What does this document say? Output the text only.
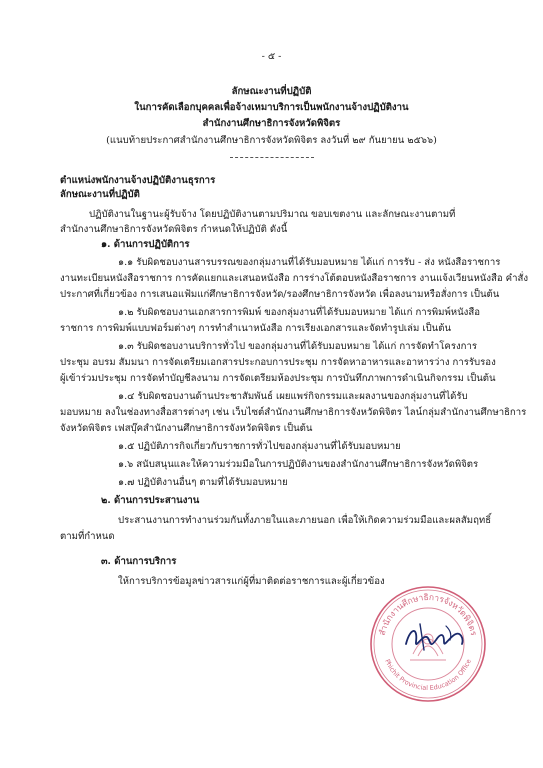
- ๕ -
ลักษณะงานที่ปฏิบัติ
ในการคัดเลือกบุคคลเพื่อจ้างเหมาบริการเป็นพนักงานจ้างปฏิบัติงาน
สำนักงานศึกษาธิการจังหวัดพิจิตร
(แนบท้ายประกาศสำนักงานศึกษาธิการจังหวัดพิจิตร ลงวันที่ ๒๙ กันยายน ๒๕๖๖)
ตำแหน่งพนักงานจ้างปฏิบัติงานธุรการ
ลักษณะงานที่ปฏิบัติ
ปฏิบัติงานในฐานะผู้รับจ้าง โดยปฏิบัติงานตามปริมาณ ขอบเขตงาน และลักษณะงานตามที่
สำนักงานศึกษาธิการจังหวัดพิจิตร กำหนดให้ปฏิบัติ ดังนี้
๑. ด้านการปฏิบัติการ
๑.๑ รับผิดชอบงานสารบรรณของกลุ่มงานที่ได้รับมอบหมาย ได้แก่ การรับ - ส่ง หนังสือราชการ
งานทะเบียนหนังสือราชการ การคัดแยกและเสนอหนังสือ การร่างโต้ตอบหนังสือราชการ งานแจ้งเวียนหนังสือ คำสั่ง
ประกาศที่เกี่ยวข้อง การเสนอแฟ้มแก่ศึกษาธิการจังหวัด/รองศึกษาธิการจังหวัด เพื่อลงนามหรือสั่งการ เป็นต้น
๑.๒ รับผิดชอบงานเอกสารการพิมพ์ ของกลุ่มงานที่ได้รับมอบหมาย ได้แก่ การพิมพ์หนังสือ
ราชการ การพิมพ์แบบฟอร์มต่างๆ การทำสำเนาหนังสือ การเรียงเอกสารและจัดทำรูปเล่ม เป็นต้น
๑.๓ รับผิดชอบงานบริการทั่วไป ของกลุ่มงานที่ได้รับมอบหมาย ได้แก่ การจัดทำโครงการ
ประชุม อบรม สัมมนา การจัดเตรียมเอกสารประกอบการประชุม การจัดหาอาหารและอาหารว่าง การรับรอง
ผู้เข้าร่วมประชุม การจัดทำบัญชีลงนาม การจัดเตรียมห้องประชุม การบันทึกภาพการดำเนินกิจกรรม เป็นต้น
๑.๔ รับผิดชอบงานด้านประชาสัมพันธ์ เผยแพร่กิจกรรมและผลงานของกลุ่มงานที่ได้รับ
มอบหมาย ลงในช่องทางสื่อสารต่างๆ เช่น เว็บไซต์สำนักงานศึกษาธิการจังหวัดพิจิตร ไลน์กลุ่มสำนักงานศึกษาธิการ
จังหวัดพิจิตร เฟสบุ๊คสำนักงานศึกษาธิการจังหวัดพิจิตร เป็นต้น
๑.๕ ปฏิบัติภารกิจเกี่ยวกับราชการทั่วไปของกลุ่มงานที่ได้รับมอบหมาย
๑.๖ สนับสนุนและให้ความร่วมมือในการปฏิบัติงานของสำนักงานศึกษาธิการจังหวัดพิจิตร
๑.๗ ปฏิบัติงานอื่นๆ ตามที่ได้รับมอบหมาย
๒. ด้านการประสานงาน
ประสานงานการทำงานร่วมกันทั้งภายในและภายนอก เพื่อให้เกิดความร่วมมือและผลสัมฤทธิ์
ตามที่กำหนด
๓. ด้านการบริการ
ให้การบริการข้อมูลข่าวสารแก่ผู้ที่มาติดต่อราชการและผู้เกี่ยวข้อง
สำนักงานศึกษาธิการจังหวัดพิจิตร
Phichit Provincial Education Office
